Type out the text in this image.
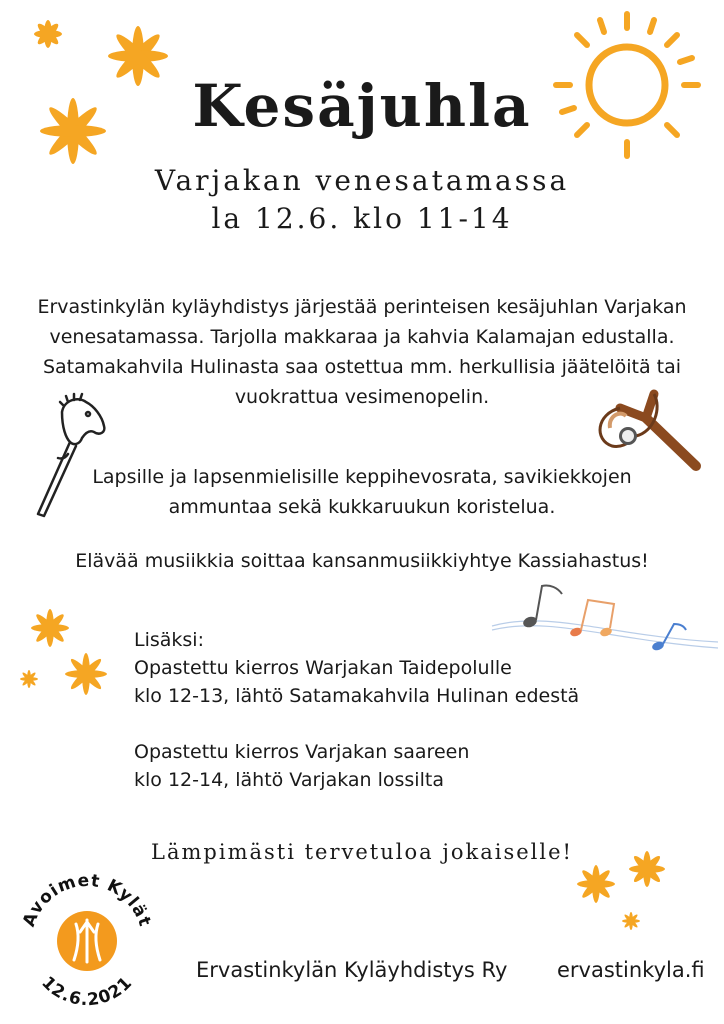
Kesäjuhla
Varjakan venesatamassa
la 12.6. klo 11-14
Ervastinkylän kyläyhdistys järjestää perinteisen kesäjuhlan Varjakan
venesatamassa. Tarjolla makkaraa ja kahvia Kalamajan edustalla.
Satamakahvila Hulinasta saa ostettua mm. herkullisia jäätelöitä tai
vuokrattua vesimenopelin.
Lapsille ja lapsenmielisille keppihevosrata, savikiekkojen
ammuntaa sekä kukkaruukun koristelua.
Elävää musiikkia soittaa kansanmusiikkiyhtye Kassiahastus!
Lisäksi:
Opastettu kierros Warjakan Taidepolulle
klo 12-13, lähtö Satamakahvila Hulinan edestä
Opastettu kierros Varjakan saareen
klo 12-14, lähtö Varjakan lossilta
Lämpimästi tervetuloa jokaiselle!
Avoimet Kylät
12.6.2021
Ervastinkylän Kyläyhdistys Ry ervastinkyla.fi
